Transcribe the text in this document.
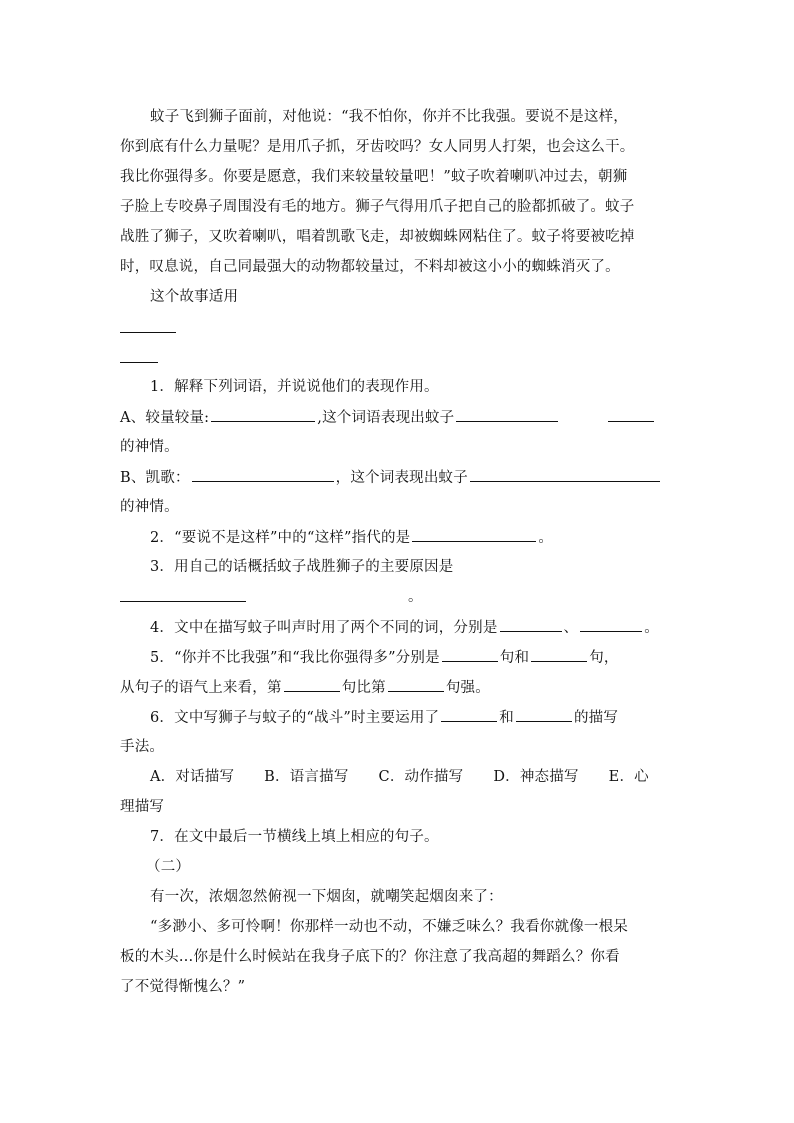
蚊子飞到狮子面前，对他说：“我不怕你，你并不比我强。要说不是这样，
你到底有什么力量呢？是用爪子抓，牙齿咬吗？女人同男人打架，也会这么干。
我比你强得多。你要是愿意，我们来较量较量吧！”蚊子吹着喇叭冲过去，朝狮
子脸上专咬鼻子周围没有毛的地方。狮子气得用爪子把自己的脸都抓破了。蚊子
战胜了狮子，又吹着喇叭，唱着凯歌飞走，却被蜘蛛网粘住了。蚊子将要被吃掉
时，叹息说，自己同最强大的动物都较量过，不料却被这小小的蜘蛛消灭了。
这个故事适用
1．解释下列词语，并说说他们的表现作用。
A、较量较量:	,这个词语表现出蚊子
的神情。
B、凯歌：	，这个词表现出蚊子
的神情。
2．“要说不是这样”中的“这样”指代的是	。
3．用自己的话概括蚊子战胜狮子的主要原因是
。
4．文中在描写蚊子叫声时用了两个不同的词，分别是	、	。
5．“你并不比我强”和“我比你强得多”分别是	句和	句，
从句子的语气上来看，第	句比第	句强。
6．文中写狮子与蚊子的“战斗”时主要运用了	和	的描写
手法。
A．对话描写 B．语言描写 C．动作描写 D．神态描写 E．心
理描写
7．在文中最后一节横线上填上相应的句子。
（二）
有一次，浓烟忽然俯视一下烟囱，就嘲笑起烟囱来了：
“多渺小、多可怜啊！你那样一动也不动，不嫌乏味么？我看你就像一根呆
板的木头…你是什么时候站在我身子底下的？你注意了我高超的舞蹈么？你看
了不觉得惭愧么？”
